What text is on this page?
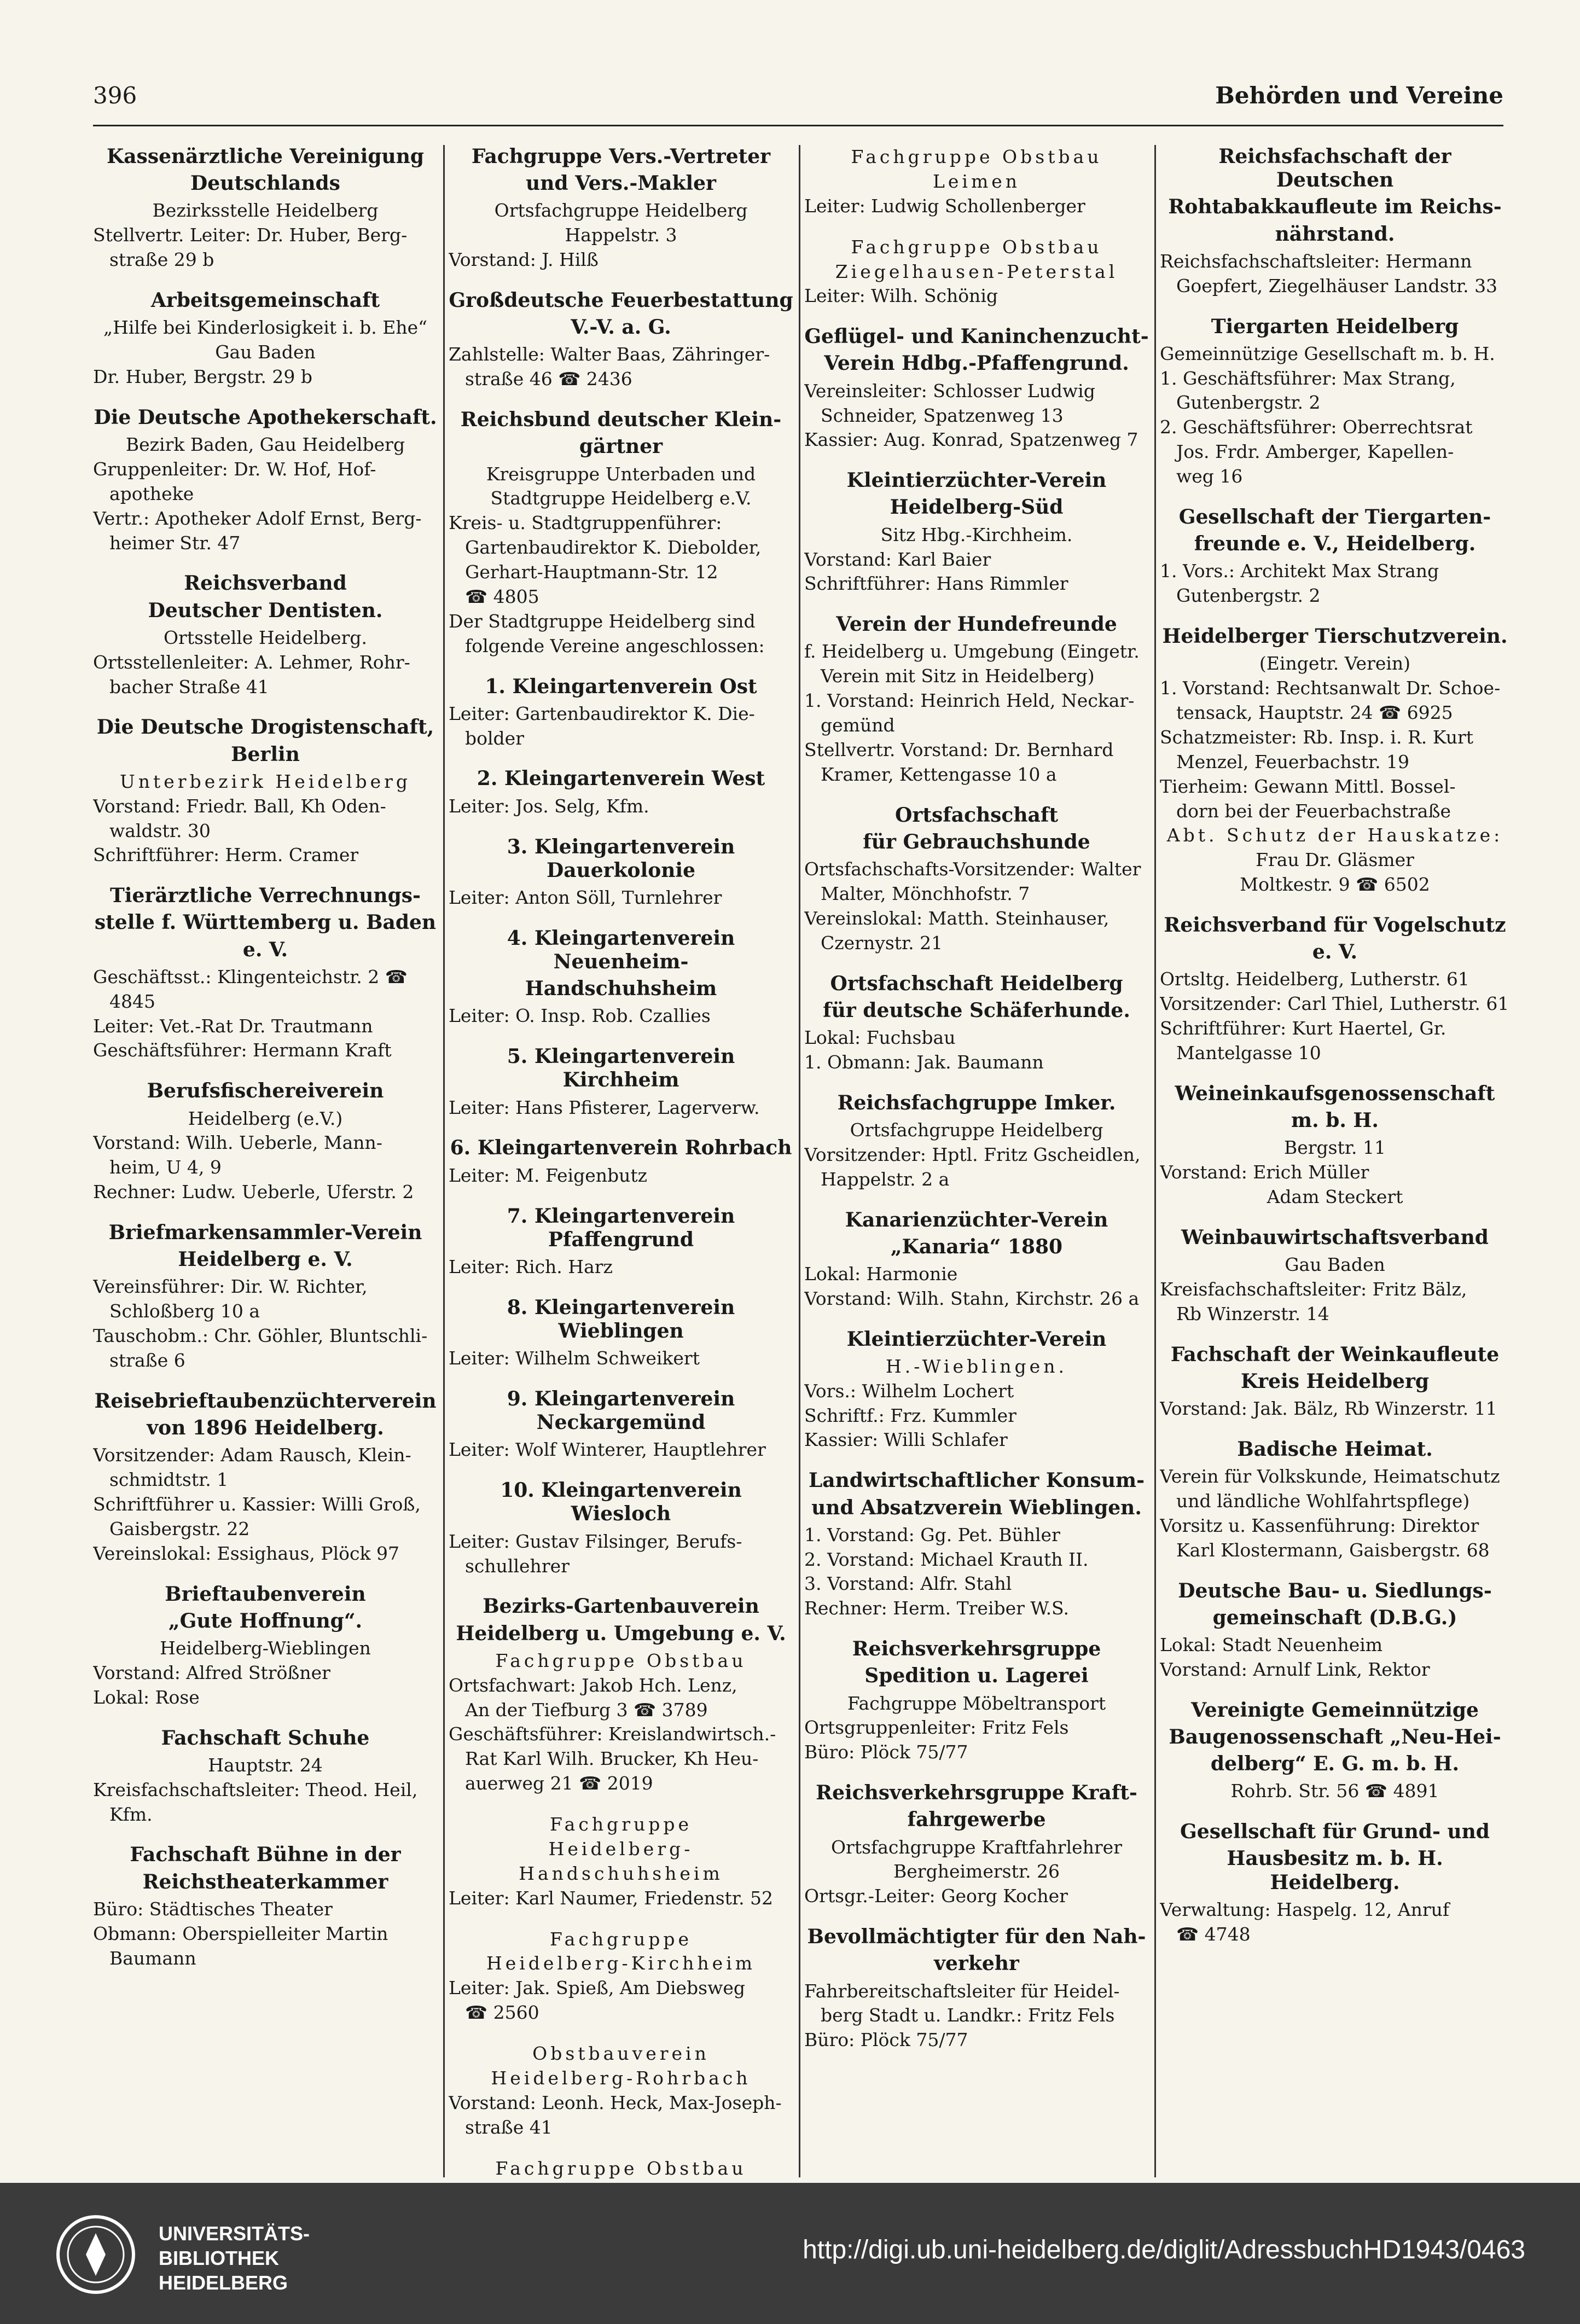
396	Behörden und Vereine
Kassenärztliche Vereinigung
Deutschlands
Bezirksstelle Heidelberg
Stellvertr. Leiter: Dr. Huber, Berg-
straße 29 b
Arbeitsgemeinschaft
„Hilfe bei Kinderlosigkeit i. b. Ehe“
Gau Baden
Dr. Huber, Bergstr. 29 b
Die Deutsche Apothekerschaft.
Bezirk Baden, Gau Heidelberg
Gruppenleiter: Dr. W. Hof, Hof-
apotheke
Vertr.: Apotheker Adolf Ernst, Berg-
heimer Str. 47
Reichsverband
Deutscher Dentisten.
Ortsstelle Heidelberg.
Ortsstellenleiter: A. Lehmer, Rohr-
bacher Straße 41
Die Deutsche Drogistenschaft,
Berlin
Unterbezirk Heidelberg
Vorstand: Friedr. Ball, Kh Oden-
waldstr. 30
Schriftführer: Herm. Cramer
Tierärztliche Verrechnungs-
stelle f. Württemberg u. Baden
e. V.
Geschäftsst.: Klingenteichstr. 2 ☎
4845
Leiter: Vet.-Rat Dr. Trautmann
Geschäftsführer: Hermann Kraft
Berufsfischereiverein
Heidelberg (e.V.)
Vorstand: Wilh. Ueberle, Mann-
heim, U 4, 9
Rechner: Ludw. Ueberle, Uferstr. 2
Briefmarkensammler-Verein
Heidelberg e. V.
Vereinsführer: Dir. W. Richter,
Schloßberg 10 a
Tauschobm.: Chr. Göhler, Bluntschli-
straße 6
Reisebrieftaubenzüchterverein
von 1896 Heidelberg.
Vorsitzender: Adam Rausch, Klein-
schmidtstr. 1
Schriftführer u. Kassier: Willi Groß,
Gaisbergstr. 22
Vereinslokal: Essighaus, Plöck 97
Brieftaubenverein
„Gute Hoffnung“.
Heidelberg-Wieblingen
Vorstand: Alfred Strößner
Lokal: Rose
Fachschaft Schuhe
Hauptstr. 24
Kreisfachschaftsleiter: Theod. Heil,
Kfm.
Fachschaft Bühne in der
Reichstheaterkammer
Büro: Städtisches Theater
Obmann: Oberspielleiter Martin
Baumann
Fachgruppe Vers.-Vertreter
und Vers.-Makler
Ortsfachgruppe Heidelberg
Happelstr. 3
Vorstand: J. Hilß
Großdeutsche Feuerbestattung
V.-V. a. G.
Zahlstelle: Walter Baas, Zähringer-
straße 46 ☎ 2436
Reichsbund deutscher Klein-
gärtner
Kreisgruppe Unterbaden und
Stadtgruppe Heidelberg e.V.
Kreis- u. Stadtgruppenführer:
Gartenbaudirektor K. Diebolder,
Gerhart-Hauptmann-Str. 12
☎ 4805
Der Stadtgruppe Heidelberg sind
folgende Vereine angeschlossen:
1. Kleingartenverein Ost
Leiter: Gartenbaudirektor K. Die-
bolder
2. Kleingartenverein West
Leiter: Jos. Selg, Kfm.
3. Kleingartenverein Dauerkolonie
Leiter: Anton Söll, Turnlehrer
4. Kleingartenverein Neuenheim-
Handschuhsheim
Leiter: O. Insp. Rob. Czallies
5. Kleingartenverein Kirchheim
Leiter: Hans Pfisterer, Lagerverw.
6. Kleingartenverein Rohrbach
Leiter: M. Feigenbutz
7. Kleingartenverein Pfaffengrund
Leiter: Rich. Harz
8. Kleingartenverein Wieblingen
Leiter: Wilhelm Schweikert
9. Kleingartenverein Neckargemünd
Leiter: Wolf Winterer, Hauptlehrer
10. Kleingartenverein Wiesloch
Leiter: Gustav Filsinger, Berufs-
schullehrer
Bezirks-Gartenbauverein
Heidelberg u. Umgebung e. V.
Fachgruppe Obstbau
Ortsfachwart: Jakob Hch. Lenz,
An der Tiefburg 3 ☎ 3789
Geschäftsführer: Kreislandwirtsch.-
Rat Karl Wilh. Brucker, Kh Heu-
auerweg 21 ☎ 2019
Fachgruppe
Heidelberg-Handschuhsheim
Leiter: Karl Naumer, Friedenstr. 52
Fachgruppe
Heidelberg-Kirchheim
Leiter: Jak. Spieß, Am Diebsweg
☎ 2560
Obstbauverein
Heidelberg-Rohrbach
Vorstand: Leonh. Heck, Max-Joseph-
straße 41
Fachgruppe Obstbau
Fachgruppe Obstbau
Leimen
Leiter: Ludwig Schollenberger
Fachgruppe Obstbau
Ziegelhausen-Peterstal
Leiter: Wilh. Schönig
Geflügel- und Kaninchenzucht-
Verein Hdbg.-Pfaffengrund.
Vereinsleiter: Schlosser Ludwig
Schneider, Spatzenweg 13
Kassier: Aug. Konrad, Spatzenweg 7
Kleintierzüchter-Verein
Heidelberg-Süd
Sitz Hbg.-Kirchheim.
Vorstand: Karl Baier
Schriftführer: Hans Rimmler
Verein der Hundefreunde
f. Heidelberg u. Umgebung (Eingetr.
Verein mit Sitz in Heidelberg)
1. Vorstand: Heinrich Held, Neckar-
gemünd
Stellvertr. Vorstand: Dr. Bernhard
Kramer, Kettengasse 10 a
Ortsfachschaft
für Gebrauchshunde
Ortsfachschafts-Vorsitzender: Walter
Malter, Mönchhofstr. 7
Vereinslokal: Matth. Steinhauser,
Czernystr. 21
Ortsfachschaft Heidelberg
für deutsche Schäferhunde.
Lokal: Fuchsbau
1. Obmann: Jak. Baumann
Reichsfachgruppe Imker.
Ortsfachgruppe Heidelberg
Vorsitzender: Hptl. Fritz Gscheidlen,
Happelstr. 2 a
Kanarienzüchter-Verein
„Kanaria“ 1880
Lokal: Harmonie
Vorstand: Wilh. Stahn, Kirchstr. 26 a
Kleintierzüchter-Verein
H.-Wieblingen.
Vors.: Wilhelm Lochert
Schriftf.: Frz. Kummler
Kassier: Willi Schlafer
Landwirtschaftlicher Konsum-
und Absatzverein Wieblingen.
1. Vorstand: Gg. Pet. Bühler
2. Vorstand: Michael Krauth II.
3. Vorstand: Alfr. Stahl
Rechner: Herm. Treiber W.S.
Reichsverkehrsgruppe
Spedition u. Lagerei
Fachgruppe Möbeltransport
Ortsgruppenleiter: Fritz Fels
Büro: Plöck 75/77
Reichsverkehrsgruppe Kraft-
fahrgewerbe
Ortsfachgruppe Kraftfahrlehrer
Bergheimerstr. 26
Ortsgr.-Leiter: Georg Kocher
Bevollmächtigter für den Nah-
verkehr
Fahrbereitschaftsleiter für Heidel-
berg Stadt u. Landkr.: Fritz Fels
Büro: Plöck 75/77
Reichsfachschaft der Deutschen
Rohtabakkaufleute im Reichs-
nährstand.
Reichsfachschaftsleiter: Hermann
Goepfert, Ziegelhäuser Landstr. 33
Tiergarten Heidelberg
Gemeinnützige Gesellschaft m. b. H.
1. Geschäftsführer: Max Strang,
Gutenbergstr. 2
2. Geschäftsführer: Oberrechtsrat
Jos. Frdr. Amberger, Kapellen-
weg 16
Gesellschaft der Tiergarten-
freunde e. V., Heidelberg.
1. Vors.: Architekt Max Strang
Gutenbergstr. 2
Heidelberger Tierschutzverein.
(Eingetr. Verein)
1. Vorstand: Rechtsanwalt Dr. Schoe-
tensack, Hauptstr. 24 ☎ 6925
Schatzmeister: Rb. Insp. i. R. Kurt
Menzel, Feuerbachstr. 19
Tierheim: Gewann Mittl. Bossel-
dorn bei der Feuerbachstraße
Abt. Schutz der Hauskatze:
Frau Dr. Gläsmer
Moltkestr. 9 ☎ 6502
Reichsverband für Vogelschutz
e. V.
Ortsltg. Heidelberg, Lutherstr. 61
Vorsitzender: Carl Thiel, Lutherstr. 61
Schriftführer: Kurt Haertel, Gr.
Mantelgasse 10
Weineinkaufsgenossenschaft
m. b. H.
Bergstr. 11
Vorstand: Erich Müller
Adam Steckert
Weinbauwirtschaftsverband
Gau Baden
Kreisfachschaftsleiter: Fritz Bälz,
Rb Winzerstr. 14
Fachschaft der Weinkaufleute
Kreis Heidelberg
Vorstand: Jak. Bälz, Rb Winzerstr. 11
Badische Heimat.
Verein für Volkskunde, Heimatschutz
und ländliche Wohlfahrtspflege)
Vorsitz u. Kassenführung: Direktor
Karl Klostermann, Gaisbergstr. 68
Deutsche Bau- u. Siedlungs-
gemeinschaft (D.B.G.)
Lokal: Stadt Neuenheim
Vorstand: Arnulf Link, Rektor
Vereinigte Gemeinnützige
Baugenossenschaft „Neu-Hei-
delberg“ E. G. m. b. H.
Rohrb. Str. 56 ☎ 4891
Gesellschaft für Grund- und
Hausbesitz m. b. H. Heidelberg.
Verwaltung: Haspelg. 12, Anruf
☎ 4748
UNIVERSITÄTS-
BIBLIOTHEK
HEIDELBERG
http://digi.ub.uni-heidelberg.de/diglit/AdressbuchHD1943/0463
